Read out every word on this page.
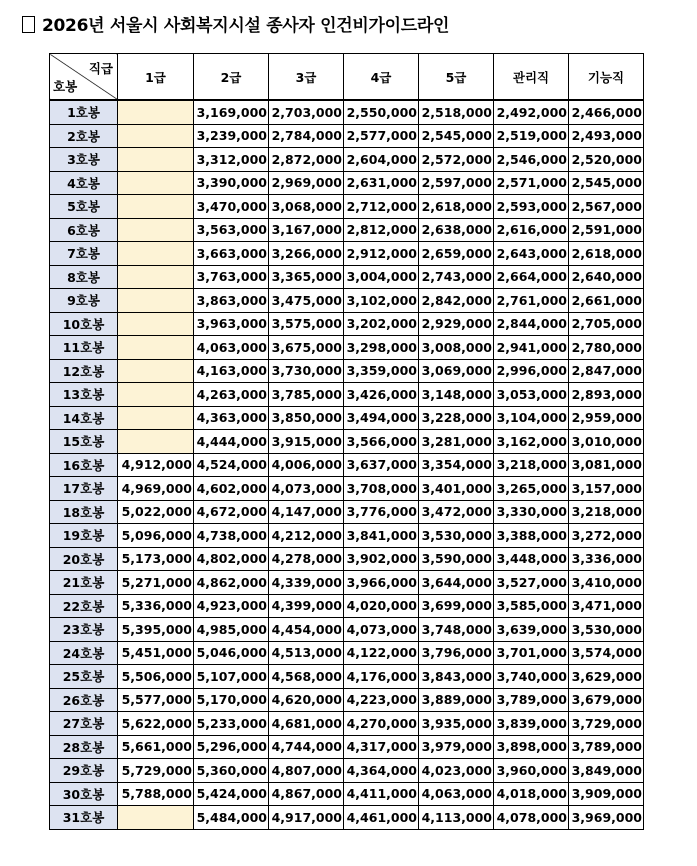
2026년 서울시 사회복지시설 종사자 인건비가이드라인
직급
호봉	1급	2급	3급	4급	5급	관리직	기능직
1호봉		3,169,000	2,703,000	2,550,000	2,518,000	2,492,000	2,466,000
2호봉		3,239,000	2,784,000	2,577,000	2,545,000	2,519,000	2,493,000
3호봉		3,312,000	2,872,000	2,604,000	2,572,000	2,546,000	2,520,000
4호봉		3,390,000	2,969,000	2,631,000	2,597,000	2,571,000	2,545,000
5호봉		3,470,000	3,068,000	2,712,000	2,618,000	2,593,000	2,567,000
6호봉		3,563,000	3,167,000	2,812,000	2,638,000	2,616,000	2,591,000
7호봉		3,663,000	3,266,000	2,912,000	2,659,000	2,643,000	2,618,000
8호봉		3,763,000	3,365,000	3,004,000	2,743,000	2,664,000	2,640,000
9호봉		3,863,000	3,475,000	3,102,000	2,842,000	2,761,000	2,661,000
10호봉		3,963,000	3,575,000	3,202,000	2,929,000	2,844,000	2,705,000
11호봉		4,063,000	3,675,000	3,298,000	3,008,000	2,941,000	2,780,000
12호봉		4,163,000	3,730,000	3,359,000	3,069,000	2,996,000	2,847,000
13호봉		4,263,000	3,785,000	3,426,000	3,148,000	3,053,000	2,893,000
14호봉		4,363,000	3,850,000	3,494,000	3,228,000	3,104,000	2,959,000
15호봉		4,444,000	3,915,000	3,566,000	3,281,000	3,162,000	3,010,000
16호봉	4,912,000	4,524,000	4,006,000	3,637,000	3,354,000	3,218,000	3,081,000
17호봉	4,969,000	4,602,000	4,073,000	3,708,000	3,401,000	3,265,000	3,157,000
18호봉	5,022,000	4,672,000	4,147,000	3,776,000	3,472,000	3,330,000	3,218,000
19호봉	5,096,000	4,738,000	4,212,000	3,841,000	3,530,000	3,388,000	3,272,000
20호봉	5,173,000	4,802,000	4,278,000	3,902,000	3,590,000	3,448,000	3,336,000
21호봉	5,271,000	4,862,000	4,339,000	3,966,000	3,644,000	3,527,000	3,410,000
22호봉	5,336,000	4,923,000	4,399,000	4,020,000	3,699,000	3,585,000	3,471,000
23호봉	5,395,000	4,985,000	4,454,000	4,073,000	3,748,000	3,639,000	3,530,000
24호봉	5,451,000	5,046,000	4,513,000	4,122,000	3,796,000	3,701,000	3,574,000
25호봉	5,506,000	5,107,000	4,568,000	4,176,000	3,843,000	3,740,000	3,629,000
26호봉	5,577,000	5,170,000	4,620,000	4,223,000	3,889,000	3,789,000	3,679,000
27호봉	5,622,000	5,233,000	4,681,000	4,270,000	3,935,000	3,839,000	3,729,000
28호봉	5,661,000	5,296,000	4,744,000	4,317,000	3,979,000	3,898,000	3,789,000
29호봉	5,729,000	5,360,000	4,807,000	4,364,000	4,023,000	3,960,000	3,849,000
30호봉	5,788,000	5,424,000	4,867,000	4,411,000	4,063,000	4,018,000	3,909,000
31호봉		5,484,000	4,917,000	4,461,000	4,113,000	4,078,000	3,969,000
